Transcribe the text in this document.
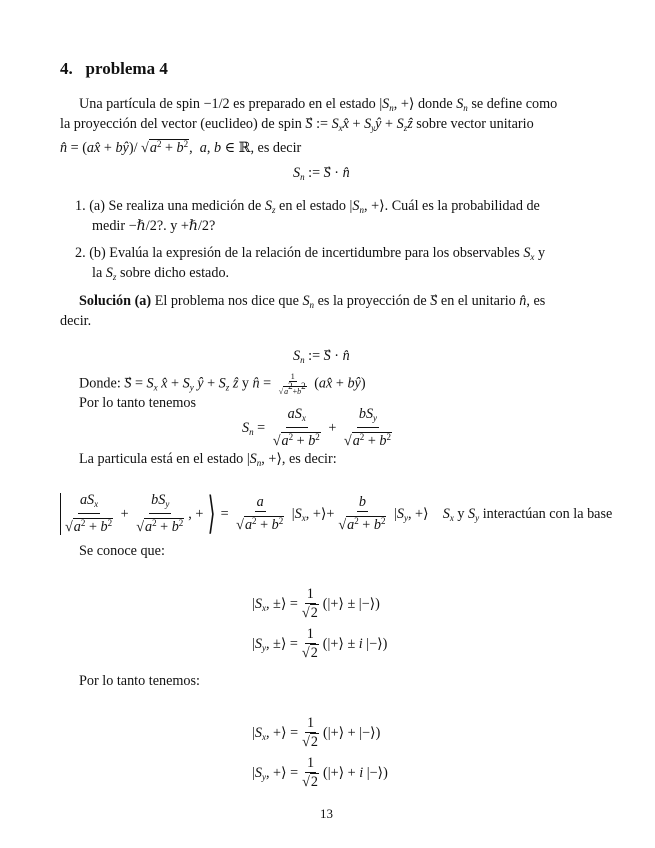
4. problema 4
Una partícula de spin −1/2 es preparado en el estado $|S_n$, +⟩ donde $S_n$ se define como
la proyección del vector (euclideo) de spin S⃗ := $S_xx̂$ + $S_yŷ$ + $S_zẑ$ sobre vector unitario
n̂ = (ax̂ + bŷ)/ $√a^2 + b^2$,  a, b ∈ ℝ, es decir
$S_n$ := S⃗ · n̂
1. (a) Se realiza una medición de $S_z$ en el estado $|S_n$, +⟩. Cuál es la probabilidad de
medir −ℏ/2?. y +ℏ/2?
2. (b) Evalúa la expresión de la relación de incertidumbre para los observables $S_x$ y
la $S_z$ sobre dicho estado.
Solución (a) El problema nos dice que $S_n$ es la proyección de S en el unitario n̂, es
decir.
$S_n$ := S⃗ · n̂
Donde: S⃗ = $S_x$ x̂ + $S_y$ ŷ + $S_z$ ẑ y n̂ = $\frac{1}{√a^2+b^2}$ (ax̂ + bŷ)
Por lo tanto tenemos
$S_n = \frac{aS_x}{√a^2 + b^2} + \frac{bS_y}{√a^2 + b^2}$
La particula está en el estado $|S_n$, +⟩, es decir:
$\frac{aS_x}{√a^2 + b^2} + \frac{bS_y}{√a^2 + b^2}$ , + ⟩ = $\frac{a}{√a^2 + b^2} |S_x$, +⟩+ $\frac{b}{√a^2 + b^2} |S_y$, +⟩ $S_x$ y $S_y$ interactúan con la base
Se conoce que:
$|S_x$, ±⟩ = $\frac{1}{√2}$ (|+⟩ ± |−⟩)
$|S_y$, ±⟩ = $\frac{1}{√2}$ (|+⟩ ± i |−⟩)
Por lo tanto tenemos:
$|S_x$, +⟩ = $\frac{1}{√2}$ (|+⟩ + |−⟩)
$|S_y$, +⟩ = $\frac{1}{√2}$ (|+⟩ + i |−⟩)
13
